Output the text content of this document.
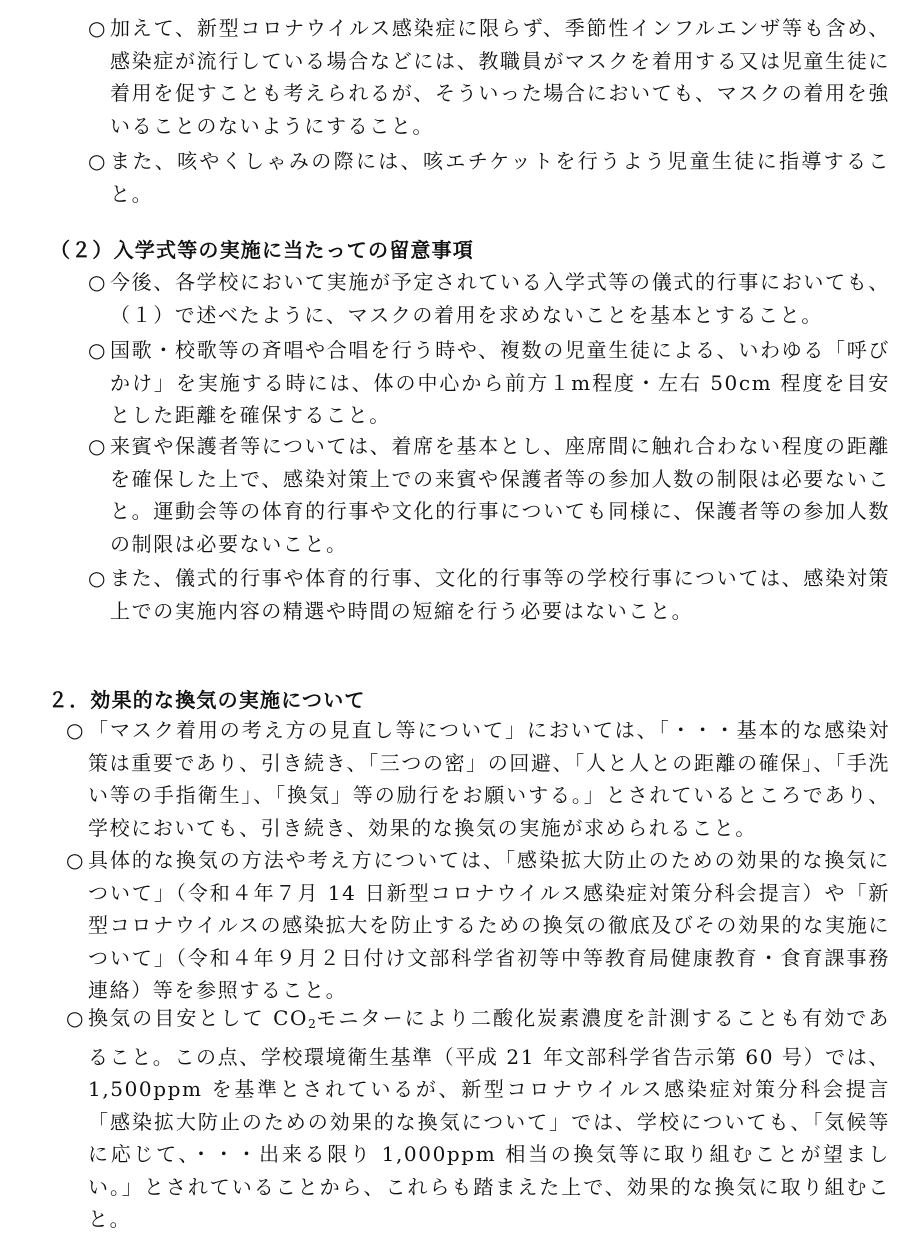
○ 加えて、新型コロナウイルス感染症に限らず、季節性インフルエンザ等も含め、感染症が流行している場合などには、教職員がマスクを着用する又は児童生徒に着用を促すことも考えられるが、そういった場合においても、マスクの着用を強いることのないようにすること。
○ また、咳やくしゃみの際には、咳エチケットを行うよう児童生徒に指導すること。
（２）入学式等の実施に当たっての留意事項
○ 今後、各学校において実施が予定されている入学式等の儀式的行事においても、（１）で述べたように、マスクの着用を求めないことを基本とすること。
○ 国歌・校歌等の斉唱や合唱を行う時や、複数の児童生徒による、いわゆる「呼びかけ」を実施する時には、体の中心から前方１m程度・左右 50cm 程度を目安とした距離を確保すること。
○ 来賓や保護者等については、着席を基本とし、座席間に触れ合わない程度の距離を確保した上で、感染対策上での来賓や保護者等の参加人数の制限は必要ないこと。運動会等の体育的行事や文化的行事についても同様に、保護者等の参加人数の制限は必要ないこと。
○ また、儀式的行事や体育的行事、文化的行事等の学校行事については、感染対策上での実施内容の精選や時間の短縮を行う必要はないこと。
２．効果的な換気の実施について
○ 「マスク着用の考え方の見直し等について」においては、「・・・基本的な感染対策は重要であり、引き続き、「三つの密」の回避、「人と人との距離の確保」、「手洗い等の手指衛生」、「換気」等の励行をお願いする。」とされているところであり、学校においても、引き続き、効果的な換気の実施が求められること。
○ 具体的な換気の方法や考え方については、「感染拡大防止のための効果的な換気について」（令和４年７月 14 日新型コロナウイルス感染症対策分科会提言）や「新型コロナウイルスの感染拡大を防止するための換気の徹底及びその効果的な実施について」（令和４年９月２日付け文部科学省初等中等教育局健康教育・食育課事務連絡）等を参照すること。
○ 換気の目安として $CO_2$モニターにより二酸化炭素濃度を計測することも有効であること。この点、学校環境衛生基準（平成 21 年文部科学省告示第 60 号）では、1,500ppm を基準とされているが、新型コロナウイルス感染症対策分科会提言「感染拡大防止のための効果的な換気について」では、学校についても、「気候等に応じて、・・・出来る限り 1,000ppm 相当の換気等に取り組むことが望ましい。」とされていることから、これらも踏まえた上で、効果的な換気に取り組むこと。
